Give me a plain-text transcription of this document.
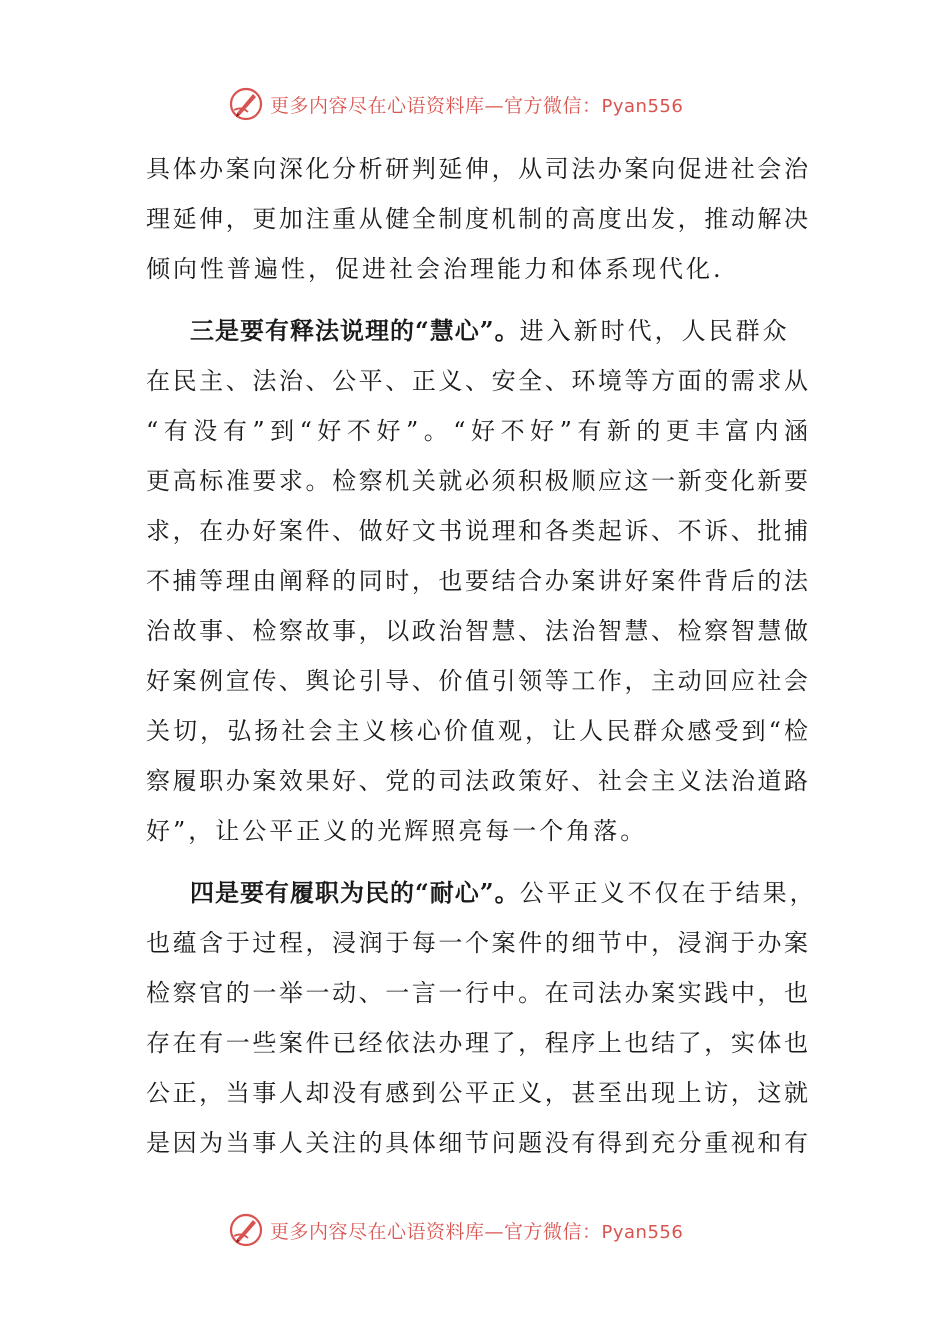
更多内容尽在心语资料库—官方微信：Pyan556
具体办案向深化分析研判延伸，从司法办案向促进社会治
理延伸，更加注重从健全制度机制的高度出发，推动解决
倾向性普遍性，促进社会治理能力和体系现代化.
三是要有释法说理的“慧心”。进入新时代，人民群众
在民主、法治、公平、正义、安全、环境等方面的需求从
“有没有”到“好不好”。“好不好”有新的更丰富内涵
更高标准要求。检察机关就必须积极顺应这一新变化新要
求，在办好案件、做好文书说理和各类起诉、不诉、批捕
不捕等理由阐释的同时，也要结合办案讲好案件背后的法
治故事、检察故事，以政治智慧、法治智慧、检察智慧做
好案例宣传、舆论引导、价值引领等工作，主动回应社会
关切，弘扬社会主义核心价值观，让人民群众感受到“检
察履职办案效果好、党的司法政策好、社会主义法治道路
好”，让公平正义的光辉照亮每一个角落。
四是要有履职为民的“耐心”。公平正义不仅在于结果，
也蕴含于过程，浸润于每一个案件的细节中，浸润于办案
检察官的一举一动、一言一行中。在司法办案实践中，也
存在有一些案件已经依法办理了，程序上也结了，实体也
公正，当事人却没有感到公平正义，甚至出现上访，这就
是因为当事人关注的具体细节问题没有得到充分重视和有
更多内容尽在心语资料库—官方微信：Pyan556
